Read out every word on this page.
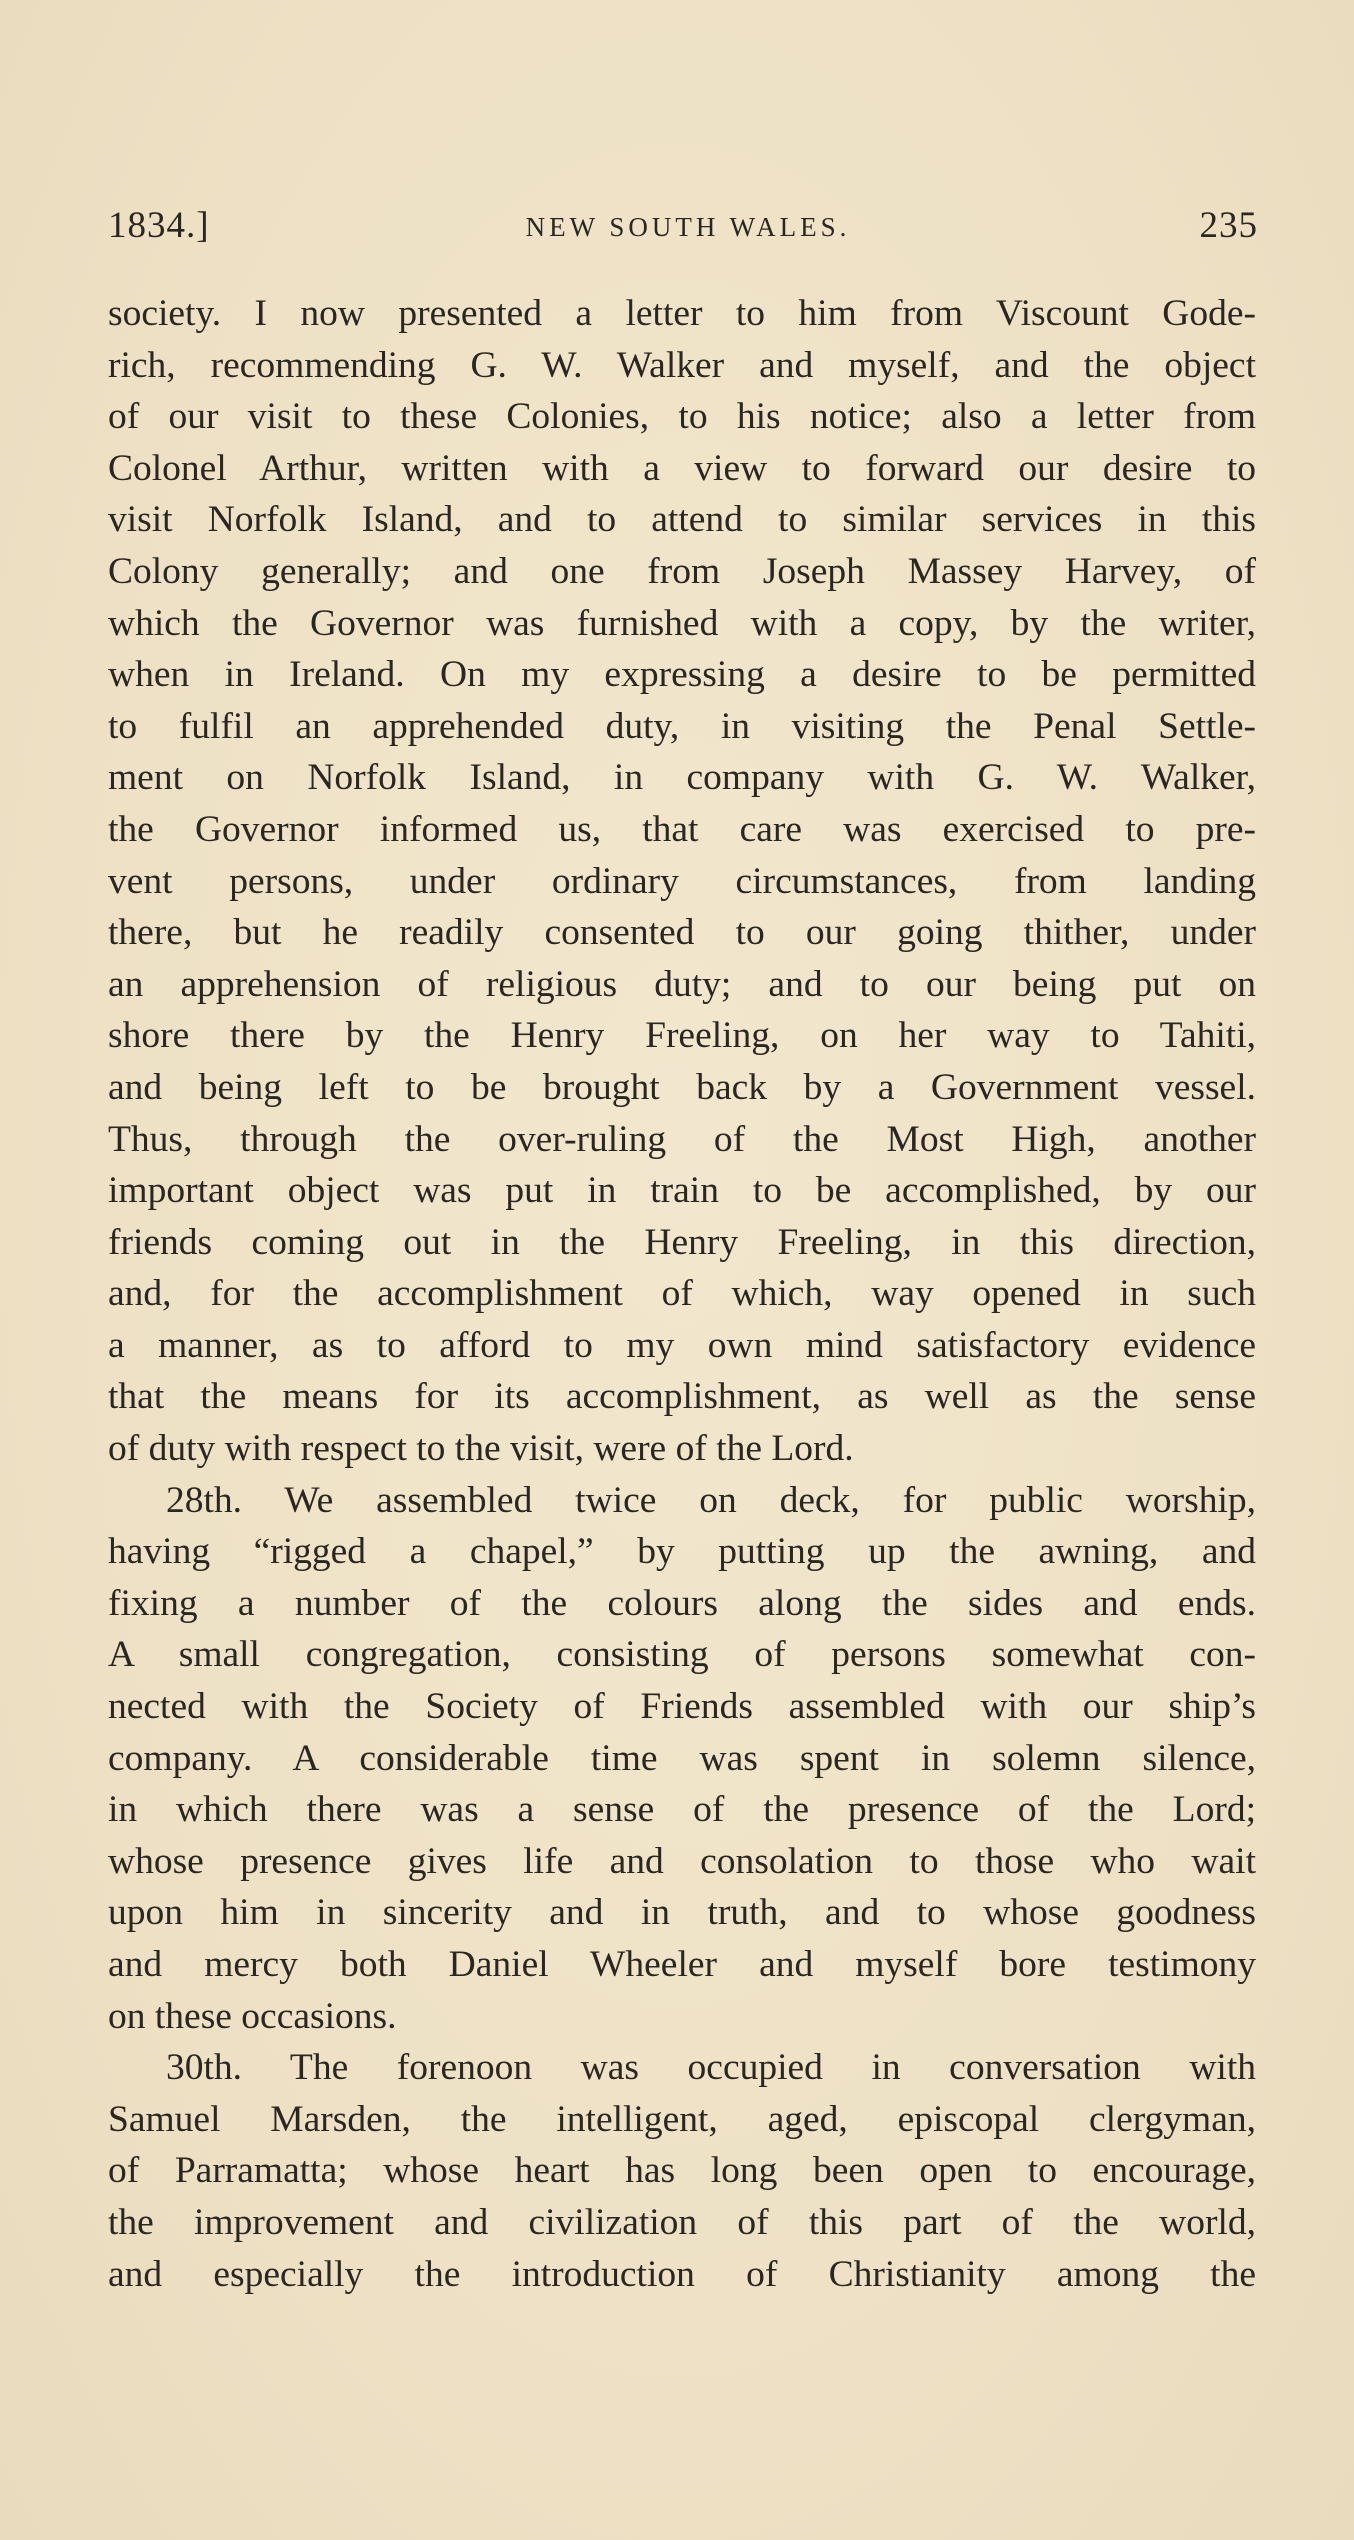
1834.]	NEW SOUTH WALES.	235
society. I now presented a letter to him from Viscount Gode-
rich, recommending G. W. Walker and myself, and the object
of our visit to these Colonies, to his notice; also a letter from
Colonel Arthur, written with a view to forward our desire to
visit Norfolk Island, and to attend to similar services in this
Colony generally; and one from Joseph Massey Harvey, of
which the Governor was furnished with a copy, by the writer,
when in Ireland. On my expressing a desire to be permitted
to fulfil an apprehended duty, in visiting the Penal Settle-
ment on Norfolk Island, in company with G. W. Walker,
the Governor informed us, that care was exercised to pre-
vent persons, under ordinary circumstances, from landing
there, but he readily consented to our going thither, under
an apprehension of religious duty; and to our being put on
shore there by the Henry Freeling, on her way to Tahiti,
and being left to be brought back by a Government vessel.
Thus, through the over-ruling of the Most High, another
important object was put in train to be accomplished, by our
friends coming out in the Henry Freeling, in this direction,
and, for the accomplishment of which, way opened in such
a manner, as to afford to my own mind satisfactory evidence
that the means for its accomplishment, as well as the sense
of duty with respect to the visit, were of the Lord.
28th. We assembled twice on deck, for public worship,
having “rigged a chapel,” by putting up the awning, and
fixing a number of the colours along the sides and ends.
A small congregation, consisting of persons somewhat con-
nected with the Society of Friends assembled with our ship’s
company. A considerable time was spent in solemn silence,
in which there was a sense of the presence of the Lord;
whose presence gives life and consolation to those who wait
upon him in sincerity and in truth, and to whose goodness
and mercy both Daniel Wheeler and myself bore testimony
on these occasions.
30th. The forenoon was occupied in conversation with
Samuel Marsden, the intelligent, aged, episcopal clergyman,
of Parramatta; whose heart has long been open to encourage,
the improvement and civilization of this part of the world,
and especially the introduction of Christianity among the
